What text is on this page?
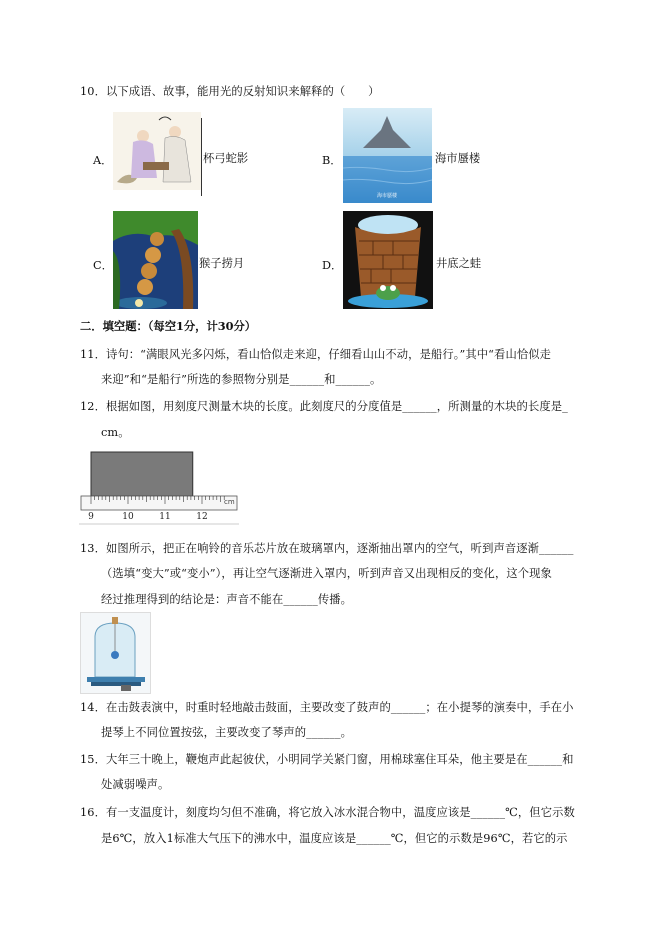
10．以下成语、故事，能用光的反射知识来解释的（　　）
A．	杯弓蛇影	B．
海市蜃楼
海市蜃楼
C．	猴子捞月	D．	井底之蛙
二．填空题：（每空1分，计30分）
11．诗句：“满眼风光多闪烁，看山恰似走来迎，仔细看山山不动，是船行。”其中“看山恰似走
来迎”和“是船行”所选的参照物分别是______和______。
12．根据如图，用刻度尺测量木块的长度。此刻度尺的分度值是______，所测量的木块的长度是_
cm。
cm
9	10	11	12
13．如图所示，把正在响铃的音乐芯片放在玻璃罩内，逐渐抽出罩内的空气，听到声音逐渐______
（选填“变大”或“变小”），再让空气逐渐进入罩内，听到声音又出现相反的变化，这个现象
经过推理得到的结论是：声音不能在______传播。
14．在击鼓表演中，时重时轻地敲击鼓面，主要改变了鼓声的______；在小提琴的演奏中，手在小
提琴上不同位置按弦，主要改变了琴声的______。
15．大年三十晚上，鞭炮声此起彼伏，小明同学关紧门窗，用棉球塞住耳朵，他主要是在______和
处减弱噪声。
16．有一支温度计，刻度均匀但不准确，将它放入冰水混合物中，温度应该是______℃，但它示数
是6℃，放入1标准大气压下的沸水中，温度应该是______℃，但它的示数是96℃，若它的示
